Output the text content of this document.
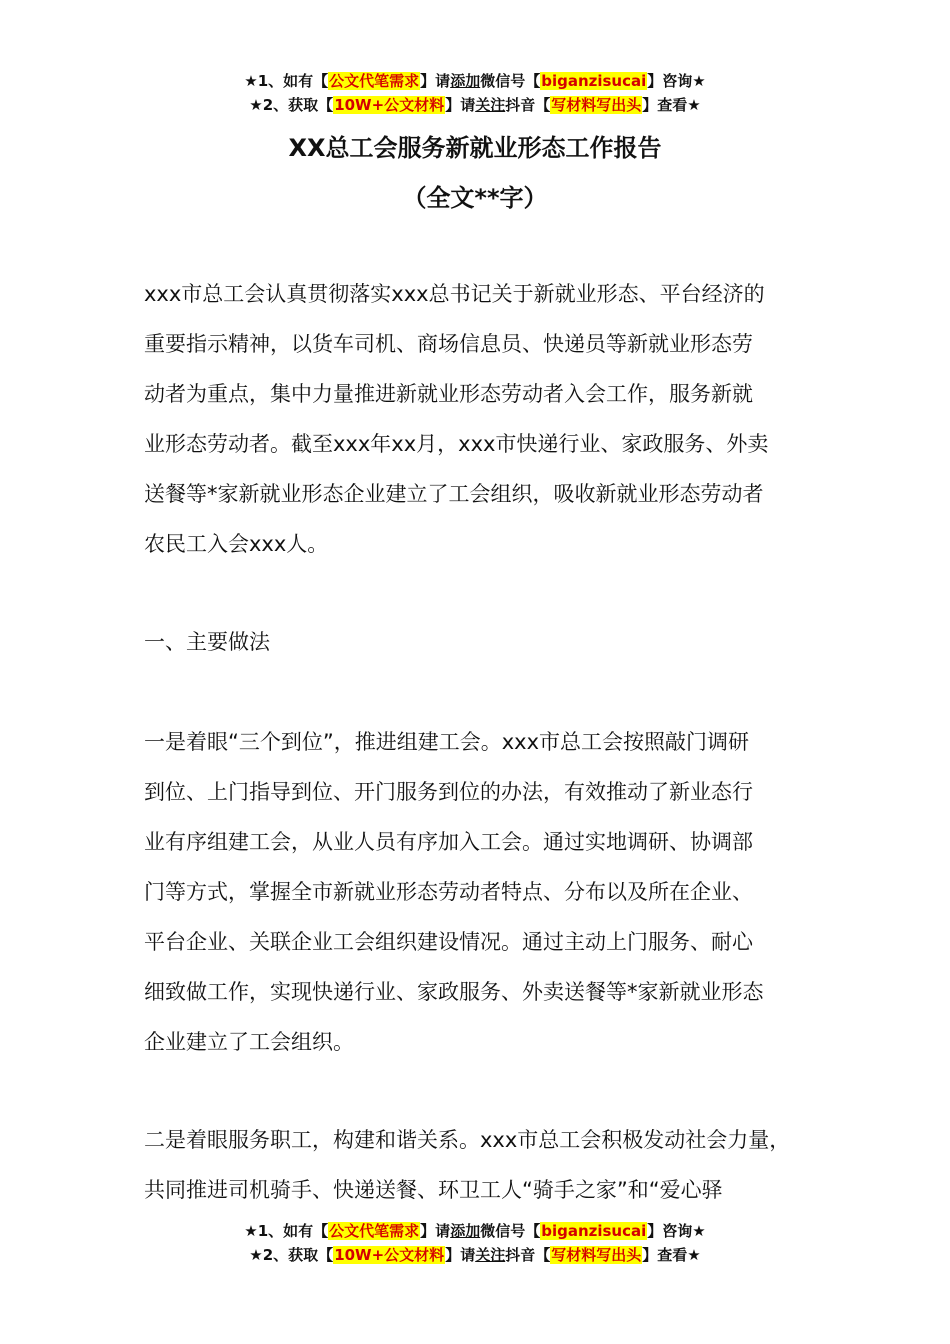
★1、如有【公文代笔需求】请添加微信号【biganzisucai】咨询★
★2、获取【10W+公文材料】请关注抖音【写材料写出头】查看★
XX总工会服务新就业形态工作报告
（全文**字）
xxx市总工会认真贯彻落实xxx总书记关于新就业形态、平台经济的
重要指示精神，以货车司机、商场信息员、快递员等新就业形态劳
动者为重点，集中力量推进新就业形态劳动者入会工作，服务新就
业形态劳动者。截至xxx年xx月，xxx市快递行业、家政服务、外卖
送餐等*家新就业形态企业建立了工会组织，吸收新就业形态劳动者
农民工入会xxx人。
一、主要做法
一是着眼“三个到位”，推进组建工会。xxx市总工会按照敲门调研
到位、上门指导到位、开门服务到位的办法，有效推动了新业态行
业有序组建工会，从业人员有序加入工会。通过实地调研、协调部
门等方式，掌握全市新就业形态劳动者特点、分布以及所在企业、
平台企业、关联企业工会组织建设情况。通过主动上门服务、耐心
细致做工作，实现快递行业、家政服务、外卖送餐等*家新就业形态
企业建立了工会组织。
二是着眼服务职工，构建和谐关系。xxx市总工会积极发动社会力量，
共同推进司机骑手、快递送餐、环卫工人“骑手之家”和“爱心驿
★1、如有【公文代笔需求】请添加微信号【biganzisucai】咨询★
★2、获取【10W+公文材料】请关注抖音【写材料写出头】查看★
